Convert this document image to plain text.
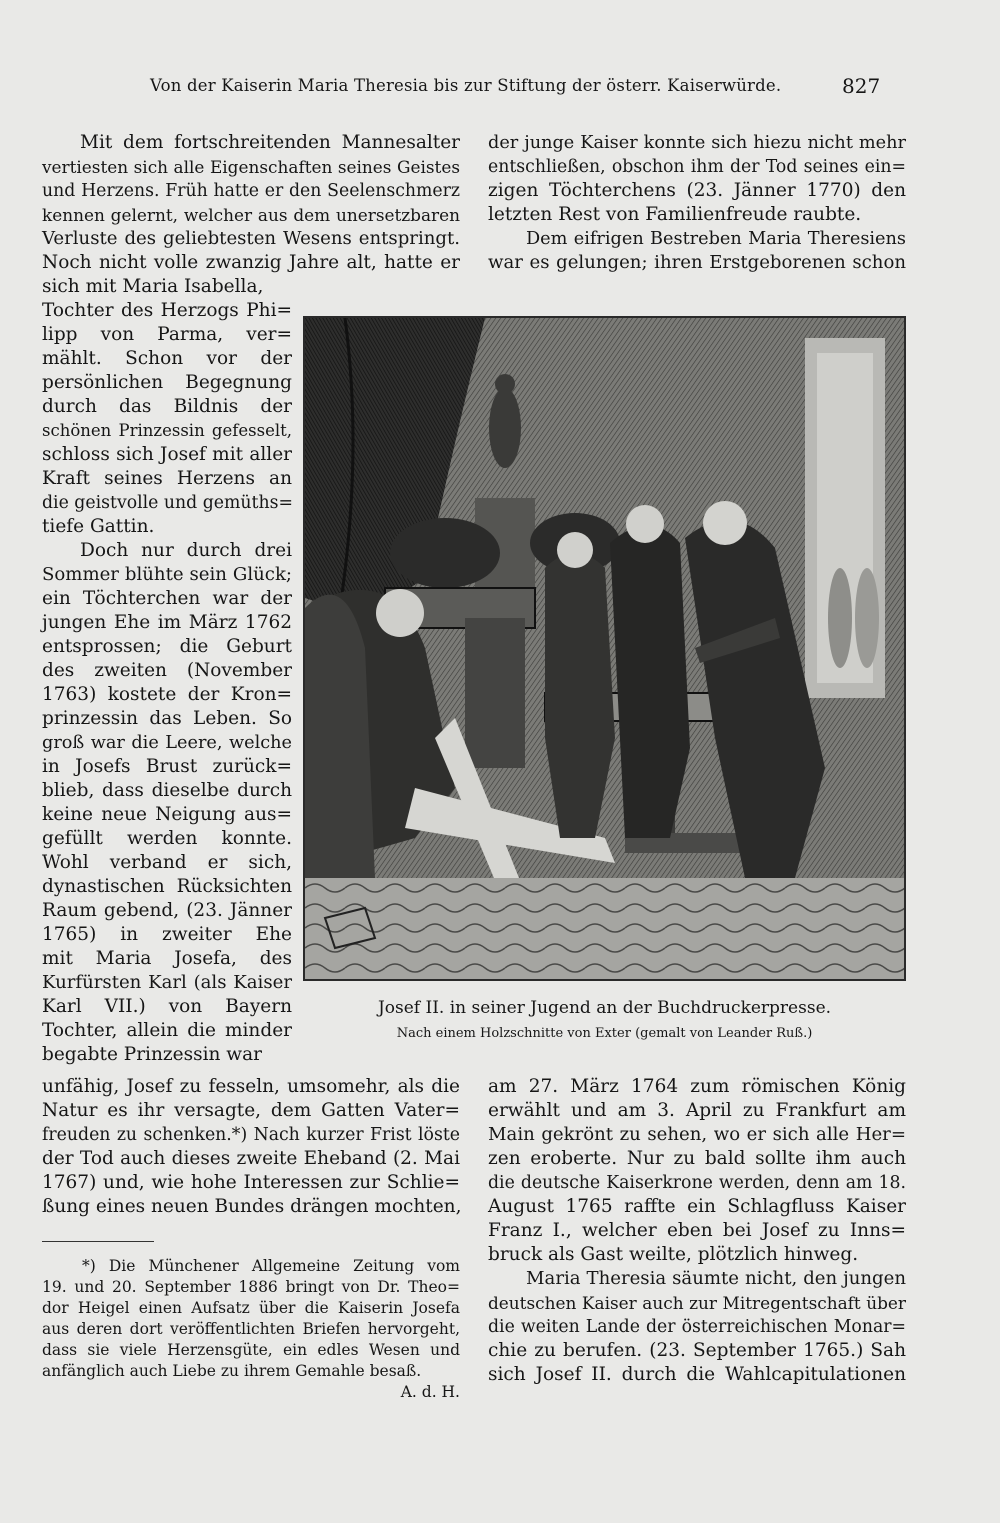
Von der Kaiserin Maria Theresia bis zur Stiftung der österr. Kaiserwürde.	827
Mit dem fortschreitenden Mannesalter
vertiesten sich alle Eigenschaften seines Geistes
und Herzens. Früh hatte er den Seelenschmerz
kennen gelernt, welcher aus dem unersetzbaren
Verluste des geliebtesten Wesens entspringt.
Noch nicht volle zwanzig Jahre alt, hatte er
sich mit Maria Isabella,
Tochter des Herzogs Phi=
lipp von Parma, ver=
mählt. Schon vor der
persönlichen Begegnung
durch das Bildnis der
schönen Prinzessin gefesselt,
schloss sich Josef mit aller
Kraft seines Herzens an
die geistvolle und gemüths=
tiefe Gattin.
Doch nur durch drei
Sommer blühte sein Glück;
ein Töchterchen war der
jungen Ehe im März 1762
entsprossen; die Geburt
des zweiten (November
1763) kostete der Kron=
prinzessin das Leben. So
groß war die Leere, welche
in Josefs Brust zurück=
blieb, dass dieselbe durch
keine neue Neigung aus=
gefüllt werden konnte.
Wohl verband er sich,
dynastischen Rücksichten
Raum gebend, (23. Jänner
1765) in zweiter Ehe
mit Maria Josefa, des
Kurfürsten Karl (als Kaiser
Karl VII.) von Bayern
Tochter, allein die minder
begabte Prinzessin war
unfähig, Josef zu fesseln, umsomehr, als die
Natur es ihr versagte, dem Gatten Vater=
freuden zu schenken.*) Nach kurzer Frist löste
der Tod auch dieses zweite Eheband (2. Mai
1767) und, wie hohe Interessen zur Schlie=
ßung eines neuen Bundes drängen mochten,
*) Die Münchener Allgemeine Zeitung vom
19. und 20. September 1886 bringt von Dr. Theo=
dor Heigel einen Aufsatz über die Kaiserin Josefa
aus deren dort veröffentlichten Briefen hervorgeht,
dass sie viele Herzensgüte, ein edles Wesen und
anfänglich auch Liebe zu ihrem Gemahle besaß.
A. d. H.
der junge Kaiser konnte sich hiezu nicht mehr
entschließen, obschon ihm der Tod seines ein=
zigen Töchterchens (23. Jänner 1770) den
letzten Rest von Familienfreude raubte.
Dem eifrigen Bestreben Maria Theresiens
war es gelungen; ihren Erstgeborenen schon
Josef II. in seiner Jugend an der Buchdruckerpresse.
Nach einem Holzschnitte von Exter (gemalt von Leander Ruß.)
am 27. März 1764 zum römischen König
erwählt und am 3. April zu Frankfurt am
Main gekrönt zu sehen, wo er sich alle Her=
zen eroberte. Nur zu bald sollte ihm auch
die deutsche Kaiserkrone werden, denn am 18.
August 1765 raffte ein Schlagfluss Kaiser
Franz I., welcher eben bei Josef zu Inns=
bruck als Gast weilte, plötzlich hinweg.
Maria Theresia säumte nicht, den jungen
deutschen Kaiser auch zur Mitregentschaft über
die weiten Lande der österreichischen Monar=
chie zu berufen. (23. September 1765.) Sah
sich Josef II. durch die Wahlcapitulationen
